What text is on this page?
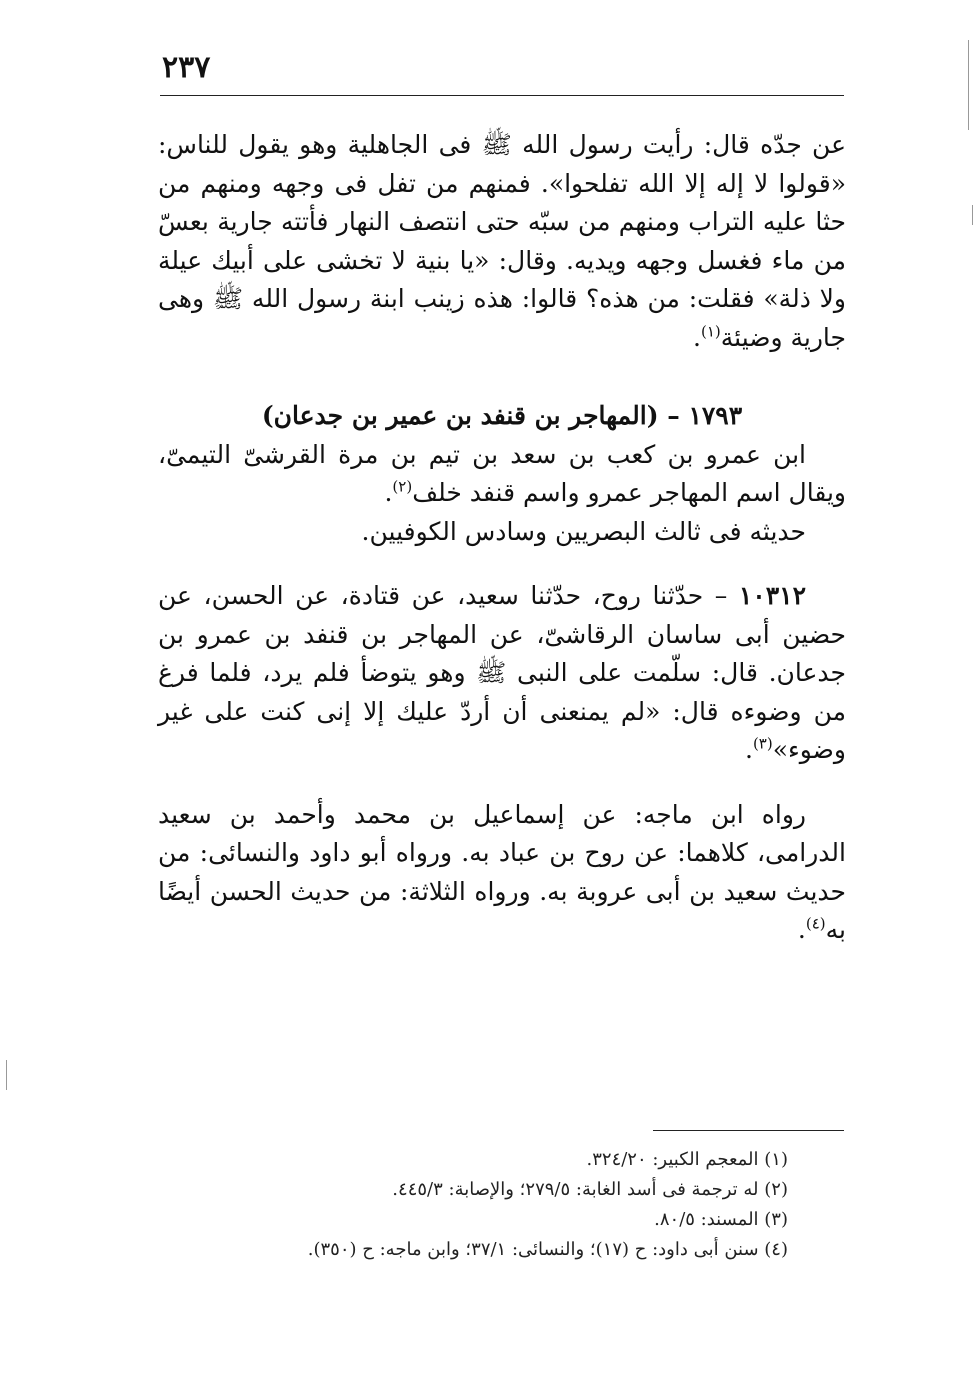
٢٣٧

عن جدّه قال: رأيت رسول الله ﷺ فى الجاهلية وهو يقول للناس: «قولوا لا إله إلا الله تفلحوا». فمنهم من تفل فى وجهه ومنهم من حثا عليه التراب ومنهم من سبّه حتى انتصف النهار فأتته جارية بعسّ من ماء فغسل وجهه ويديه. وقال: «يا بنية لا تخشى على أبيك عيلة ولا ذلة» فقلت: من هذه؟ قالوا: هذه زينب ابنة رسول الله ﷺ وهى جارية وضيئة$^{(١)}$.

١٧٩٣ – (المهاجر بن قنفد بن عمير بن جدعان)

ابن عمرو بن كعب بن سعد بن تيم بن مرة القرشىّ التيمىّ، ويقال اسم المهاجر عمرو واسم قنفد خلف$^{(٢)}$.

حديثه فى ثالث البصريين وسادس الكوفيين.

١٠٣١٢ – حدّثنا روح، حدّثنا سعيد، عن قتادة، عن الحسن، عن حضين أبى ساسان الرقاشىّ، عن المهاجر بن قنفد بن عمرو بن جدعان. قال: سلّمت على النبى ﷺ وهو يتوضأ فلم يرد، فلما فرغ من وضوءه قال: «لم يمنعنى أن أردّ عليك إلا إنى كنت على غير وضوء»$^{(٣)}$.

رواه ابن ماجه: عن إسماعيل بن محمد وأحمد بن سعيد الدرامى، كلاهما: عن روح بن عباد به. ورواه أبو داود والنسائى: من حديث سعيد بن أبى عروبة به. ورواه الثلاثة: من حديث الحسن أيضًا به$^{(٤)}$.

(١) المعجم الكبير: ٣٢٤/٢٠.
(٢) له ترجمة فى أسد الغابة: ٢٧٩/٥؛ والإصابة: ٤٤٥/٣.
(٣) المسند: ٨٠/٥.
(٤) سنن أبى داود: ح (١٧)؛ والنسائى: ٣٧/١؛ وابن ماجه: ح (٣٥٠).
